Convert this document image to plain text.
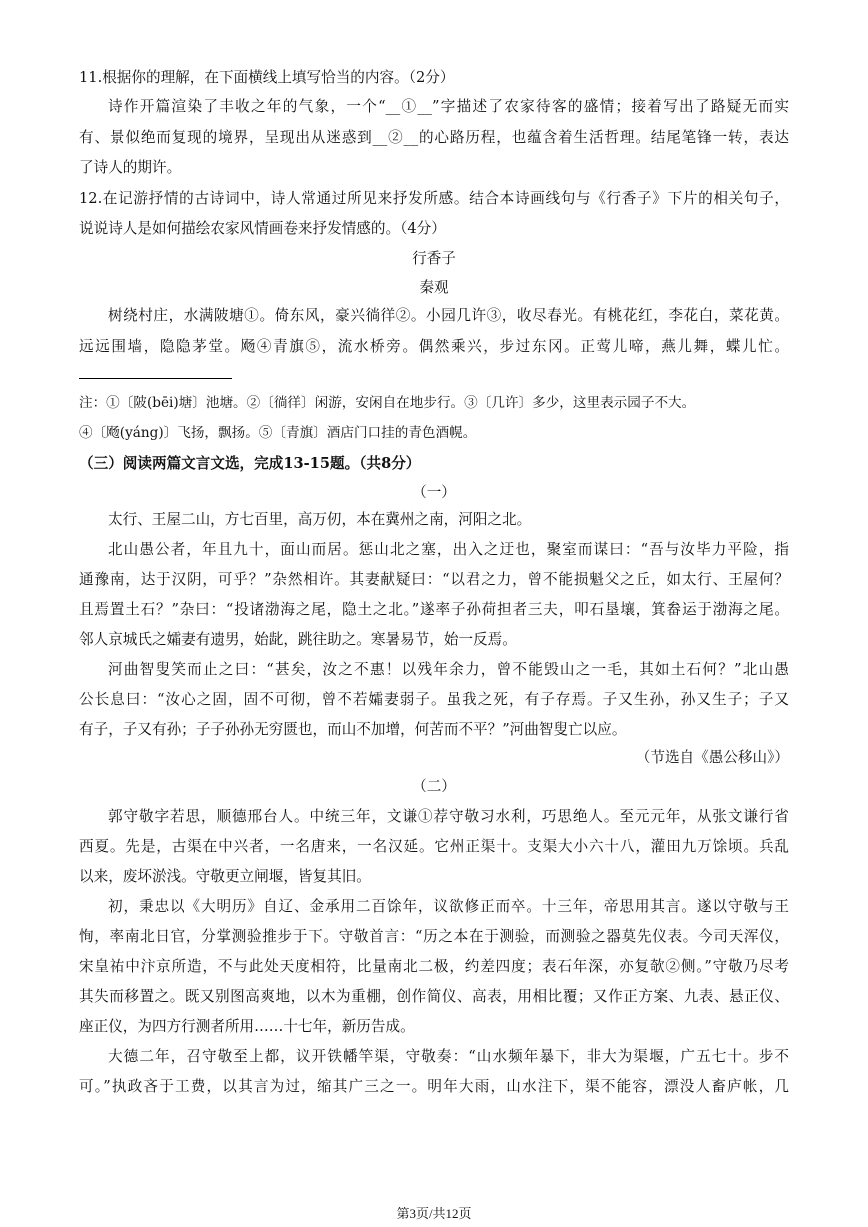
11.根据你的理解，在下面横线上填写恰当的内容。（2分）
诗作开篇渲染了丰收之年的气象，一个“__①__”字描述了农家待客的盛情；接着写出了路疑无而实
有、景似绝而复现的境界，呈现出从迷惑到__②__的心路历程，也蕴含着生活哲理。结尾笔锋一转，表达
了诗人的期许。
12.在记游抒情的古诗词中，诗人常通过所见来抒发所感。结合本诗画线句与《行香子》下片的相关句子，
说说诗人是如何描绘农家风情画卷来抒发情感的。（4分）
行香子
秦观
树绕村庄，水满陂塘①。倚东风，豪兴徜徉②。小园几许③，收尽春光。有桃花红，李花白，菜花黄。
远远围墙，隐隐茅堂。飏④青旗⑤，流水桥旁。偶然乘兴，步过东冈。正莺儿啼，燕儿舞，蝶儿忙。
注：①〔陂(bēi)塘〕池塘。②〔徜徉〕闲游，安闲自在地步行。③〔几许〕多少，这里表示园子不大。
④〔飏(yáng)〕飞扬，飘扬。⑤〔青旗〕酒店门口挂的青色酒幌。
（三）阅读两篇文言文选，完成13-15题。（共8分）
（一）
太行、王屋二山，方七百里，高万仞，本在冀州之南，河阳之北。
北山愚公者，年且九十，面山而居。惩山北之塞，出入之迂也，聚室而谋曰：“吾与汝毕力平险，指
通豫南，达于汉阴，可乎？”杂然相许。其妻献疑曰：“以君之力，曾不能损魁父之丘，如太行、王屋何？
且焉置土石？”杂曰：“投诸渤海之尾，隐土之北。”遂率子孙荷担者三夫，叩石垦壤，箕畚运于渤海之尾。
邻人京城氏之孀妻有遗男，始龀，跳往助之。寒暑易节，始一反焉。
河曲智叟笑而止之曰：“甚矣，汝之不惠！以残年余力，曾不能毁山之一毛，其如土石何？”北山愚
公长息曰：“汝心之固，固不可彻，曾不若孀妻弱子。虽我之死，有子存焉。子又生孙，孙又生子；子又
有子，子又有孙；子子孙孙无穷匮也，而山不加增，何苦而不平？”河曲智叟亡以应。
（节选自《愚公移山》）
（二）
郭守敬字若思，顺德邢台人。中统三年，文谦①荐守敬习水利，巧思绝人。至元元年，从张文谦行省
西夏。先是，古渠在中兴者，一名唐来，一名汉延。它州正渠十。支渠大小六十八，灌田九万馀顷。兵乱
以来，废坏淤浅。守敬更立闸堰，皆复其旧。
初，秉忠以《大明历》自辽、金承用二百馀年，议欲修正而卒。十三年，帝思用其言。遂以守敬与王
恂，率南北日官，分掌测验推步于下。守敬首言：“历之本在于测验，而测验之器莫先仪表。今司天浑仪，
宋皇祐中汴京所造，不与此处天度相符，比量南北二极，约差四度；表石年深，亦复欹②侧。”守敬乃尽考
其失而移置之。既又别图高爽地，以木为重棚，创作简仪、高表，用相比覆；又作正方案、九表、悬正仪、
座正仪，为四方行测者所用……十七年，新历告成。
大德二年，召守敬至上都，议开铁幡竿渠，守敬奏：“山水频年暴下，非大为渠堰，广五七十。步不
可。”执政吝于工费，以其言为过，缩其广三之一。明年大雨，山水注下，渠不能容，漂没人畜庐帐，几
第3页/共12页
